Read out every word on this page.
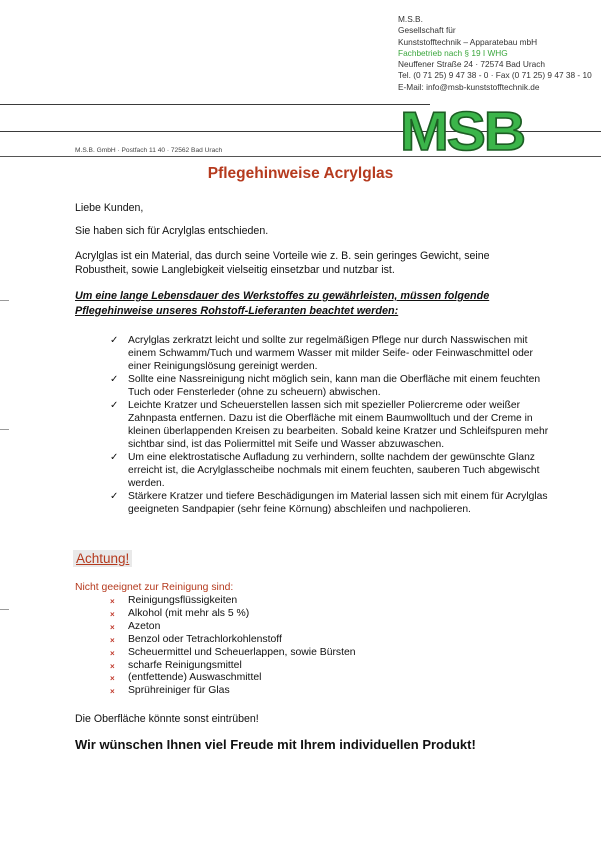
M.S.B.
Gesellschaft für
Kunststofftechnik – Apparatebau mbH
Fachbetrieb nach § 19 I WHG
Neuffener Straße 24 · 72574 Bad Urach
Tel. (0 71 25) 9 47 38 - 0 · Fax (0 71 25) 9 47 38 - 10
E-Mail: info@msb-kunststofftechnik.de
MSB
M.S.B. GmbH · Postfach 11 40 · 72562 Bad Urach
Pflegehinweise Acrylglas
Liebe Kunden,
Sie haben sich für Acrylglas entschieden.
Acrylglas ist ein Material, das durch seine Vorteile wie z. B. sein geringes Gewicht, seine Robustheit, sowie Langlebigkeit vielseitig einsetzbar und nutzbar ist.
Um eine lange Lebensdauer des Werkstoffes zu gewährleisten, müssen folgende Pflegehinweise unseres Rohstoff-Lieferanten beachtet werden:
✓ Acrylglas zerkratzt leicht und sollte zur regelmäßigen Pflege nur durch Nasswischen mit einem Schwamm/Tuch und warmem Wasser mit milder Seife- oder Feinwaschmittel oder einer Reinigungslösung gereinigt werden.
✓ Sollte eine Nassreinigung nicht möglich sein, kann man die Oberfläche mit einem feuchten Tuch oder Fensterleder (ohne zu scheuern) abwischen.
✓ Leichte Kratzer und Scheuerstellen lassen sich mit spezieller Poliercreme oder weißer Zahnpasta entfernen. Dazu ist die Oberfläche mit einem Baumwolltuch und der Creme in kleinen überlappenden Kreisen zu bearbeiten. Sobald keine Kratzer und Schleifspuren mehr sichtbar sind, ist das Poliermittel mit Seife und Wasser abzuwaschen.
✓ Um eine elektrostatische Aufladung zu verhindern, sollte nachdem der gewünschte Glanz erreicht ist, die Acrylglasscheibe nochmals mit einem feuchten, sauberen Tuch abgewischt werden.
✓ Stärkere Kratzer und tiefere Beschädigungen im Material lassen sich mit einem für Acrylglas geeigneten Sandpapier (sehr feine Körnung) abschleifen und nachpolieren.
Achtung!
Nicht geeignet zur Reinigung sind:
× Reinigungsflüssigkeiten
× Alkohol (mit mehr als 5 %)
× Azeton
× Benzol oder Tetrachlorkohlenstoff
× Scheuermittel und Scheuerlappen, sowie Bürsten
× scharfe Reinigungsmittel
× (entfettende) Auswaschmittel
× Sprühreiniger für Glas
Die Oberfläche könnte sonst eintrüben!
Wir wünschen Ihnen viel Freude mit Ihrem individuellen Produkt!
